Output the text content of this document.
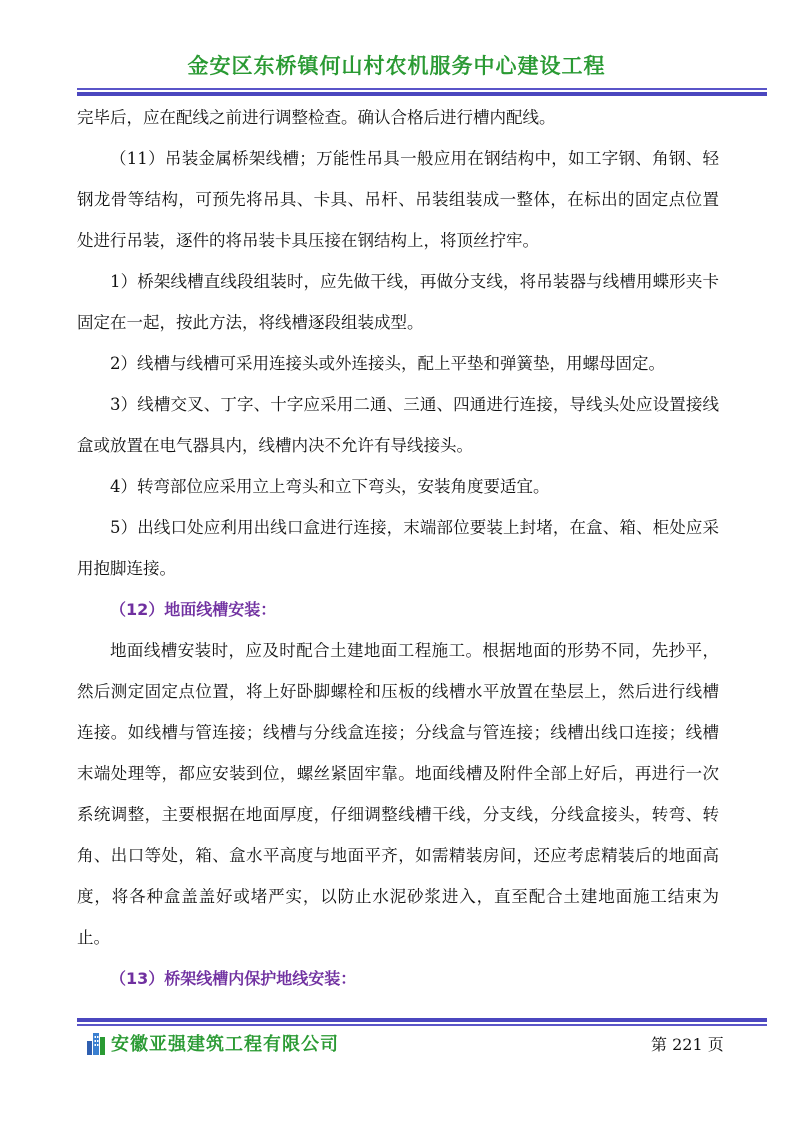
金安区东桥镇何山村农机服务中心建设工程

完毕后，应在配线之前进行调整检查。确认合格后进行槽内配线。

（11）吊装金属桥架线槽；万能性吊具一般应用在钢结构中，如工字钢、角钢、轻钢龙骨等结构，可预先将吊具、卡具、吊杆、吊装组装成一整体，在标出的固定点位置处进行吊装，逐件的将吊装卡具压接在钢结构上，将顶丝拧牢。

1）桥架线槽直线段组装时，应先做干线，再做分支线，将吊装器与线槽用蝶形夹卡固定在一起，按此方法，将线槽逐段组装成型。

2）线槽与线槽可采用连接头或外连接头，配上平垫和弹簧垫，用螺母固定。

3）线槽交叉、丁字、十字应采用二通、三通、四通进行连接，导线头处应设置接线盒或放置在电气器具内，线槽内决不允许有导线接头。

4）转弯部位应采用立上弯头和立下弯头，安装角度要适宜。

5）出线口处应利用出线口盒进行连接，末端部位要装上封堵，在盒、箱、柜处应采用抱脚连接。

（12）地面线槽安装：

地面线槽安装时，应及时配合土建地面工程施工。根据地面的形势不同，先抄平，然后测定固定点位置，将上好卧脚螺栓和压板的线槽水平放置在垫层上，然后进行线槽连接。如线槽与管连接；线槽与分线盒连接；分线盒与管连接；线槽出线口连接；线槽末端处理等，都应安装到位，螺丝紧固牢靠。地面线槽及附件全部上好后，再进行一次系统调整，主要根据在地面厚度，仔细调整线槽干线，分支线，分线盒接头，转弯、转角、出口等处，箱、盒水平高度与地面平齐，如需精装房间，还应考虑精装后的地面高度，将各种盒盖盖好或堵严实，以防止水泥砂浆进入，直至配合土建地面施工结束为止。

（13）桥架线槽内保护地线安装：

安徽亚强建筑工程有限公司	第 221 页
